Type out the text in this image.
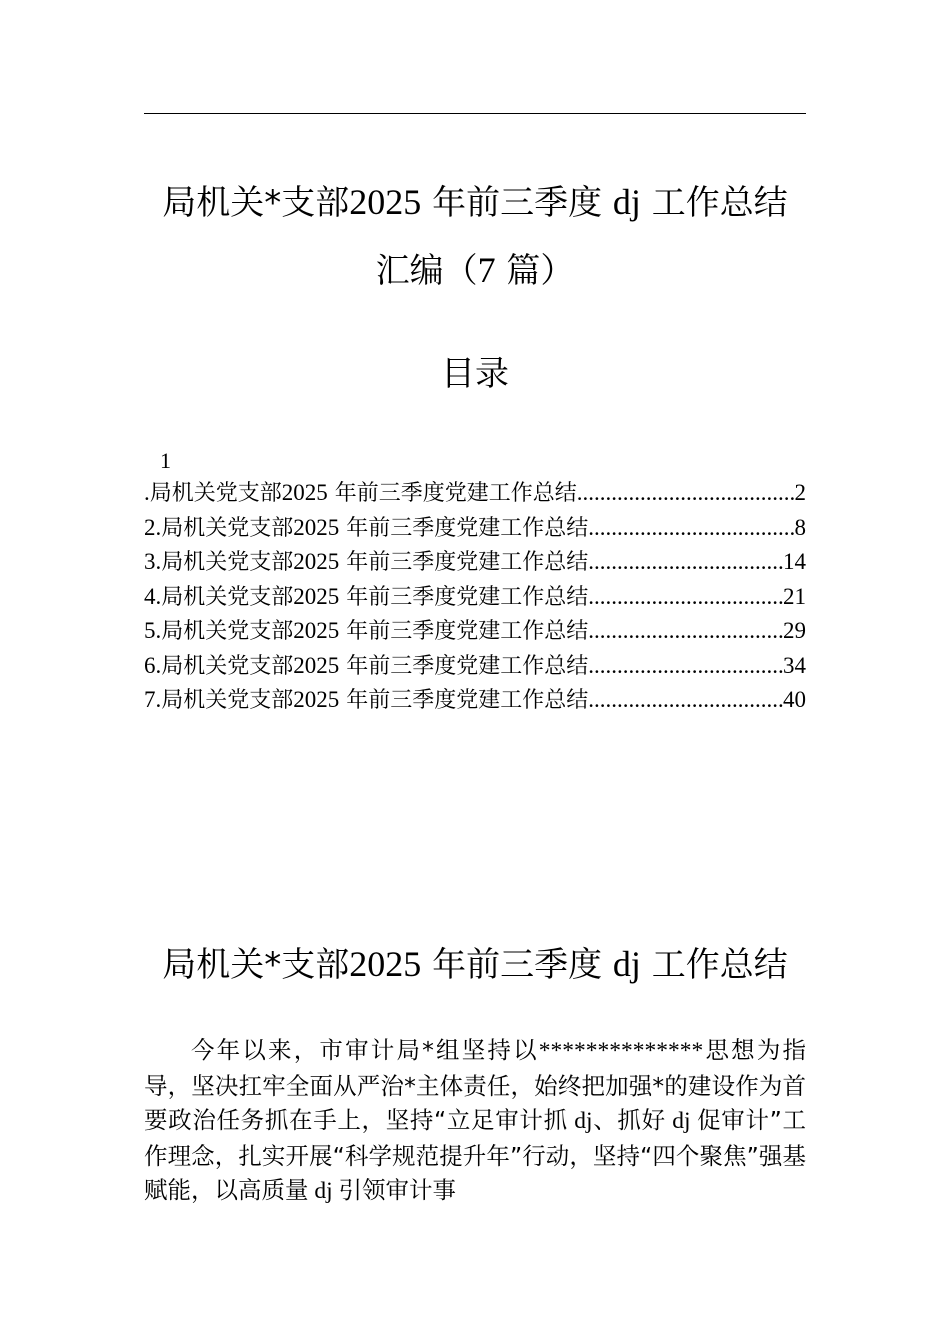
局机关*支部2025 年前三季度 dj 工作总结
汇编（7 篇）
目录
1
.局机关党支部2025 年前三季度党建工作总结 .....	2
2.局机关党支部2025 年前三季度党建工作总结 .....	8
3.局机关党支部2025 年前三季度党建工作总结 .....	14
4.局机关党支部2025 年前三季度党建工作总结 .....	21
5.局机关党支部2025 年前三季度党建工作总结 .....	29
6.局机关党支部2025 年前三季度党建工作总结 .....	34
7.局机关党支部2025 年前三季度党建工作总结 .....	40
局机关*支部2025 年前三季度 dj 工作总结

今年以来，市审计局*组坚持以**************思想为指导，坚决扛牢全面从严治*主体责任，始终把加强*的建设作为首要政治任务抓在手上，坚持“立足审计抓 dj、抓好 dj 促审计”工作理念，扎实开展“科学规范提升年”行动，坚持“四个聚焦”强基赋能，以高质量 dj 引领审计事
